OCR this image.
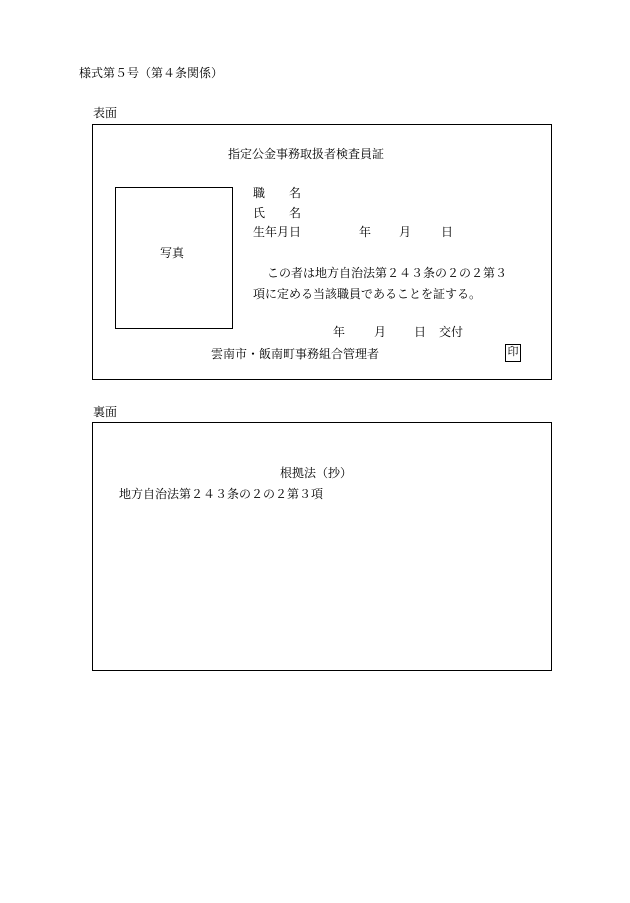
様式第５号（第４条関係）
表面
指定公金事務取扱者検査員証
写真
職　　名
氏　　名
生年月日	年 月 日
この者は地方自治法第２４３条の２の２第３
項に定める当該職員であることを証する。
年 月 日 交付
雲南市・飯南町事務組合管理者	印
裏面
根拠法（抄）
地方自治法第２４３条の２の２第３項
